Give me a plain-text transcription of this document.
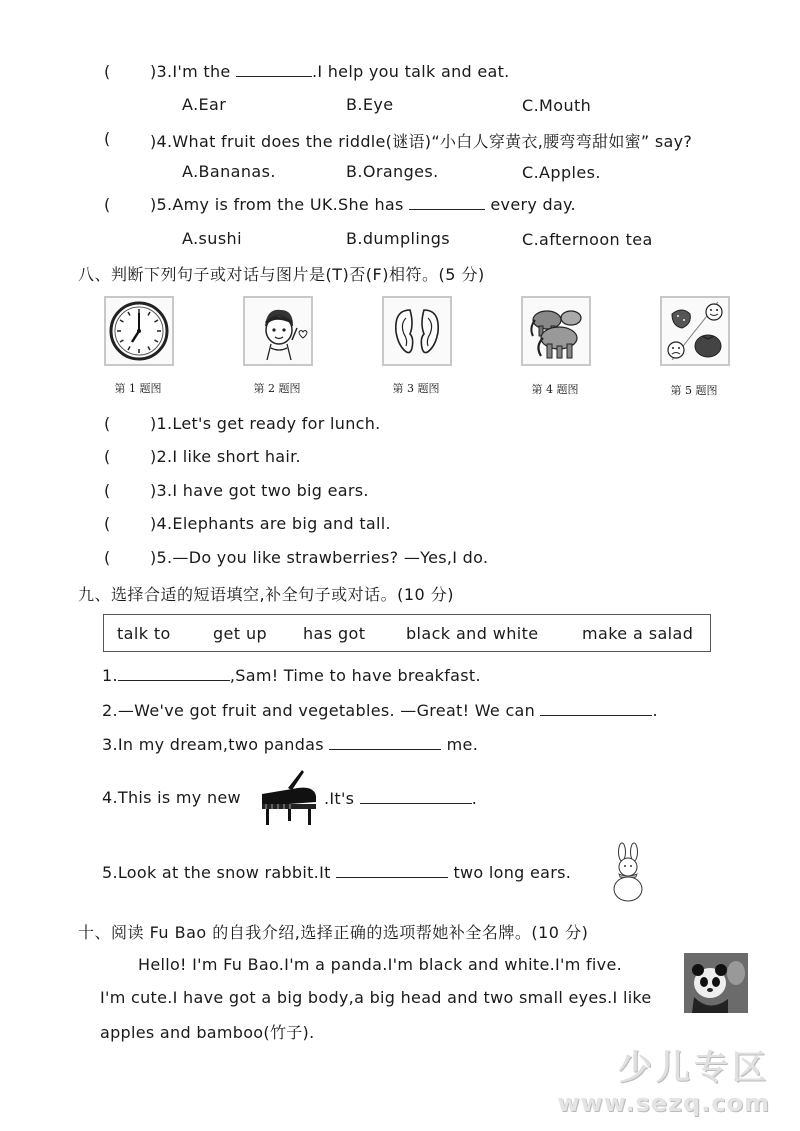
( )3.I'm the	.I help you talk and eat.
A.Ear	B.Eye	C.Mouth
( )4.What fruit does the riddle(谜语)“小白人穿黄衣,腰弯弯甜如蜜” say?
A.Bananas.	B.Oranges.	C.Apples.
( )5.Amy is from the UK.She has	every day.
A.sushi	B.dumplings	C.afternoon tea
八、判断下列句子或对话与图片是(T)否(F)相符。(5 分)
第 1 题图	第 2 题图	第 3 题图	第 4 题图	第 5 题图
( )1.Let's get ready for lunch.
( )2.I like short hair.
( )3.I have got two big ears.
( )4.Elephants are big and tall.
( )5.—Do you like strawberries? —Yes,I do.
九、选择合适的短语填空,补全句子或对话。(10 分)
talk to	get up has got	black and white	make a salad
1.	,Sam! Time to have breakfast.
2.—We've got fruit and vegetables. —Great! We can	.
3.In my dream,two pandas	me.
4.This is my new	.It's	.
5.Look at the snow rabbit.It	two long ears.
十、阅读 Fu Bao 的自我介绍,选择正确的选项帮她补全名牌。(10 分)
Hello! I'm Fu Bao.I'm a panda.I'm black and white.I'm five.
I'm cute.I have got a big body,a big head and two small eyes.I like
apples and bamboo(竹子).
少儿专区
www.sezq.com
